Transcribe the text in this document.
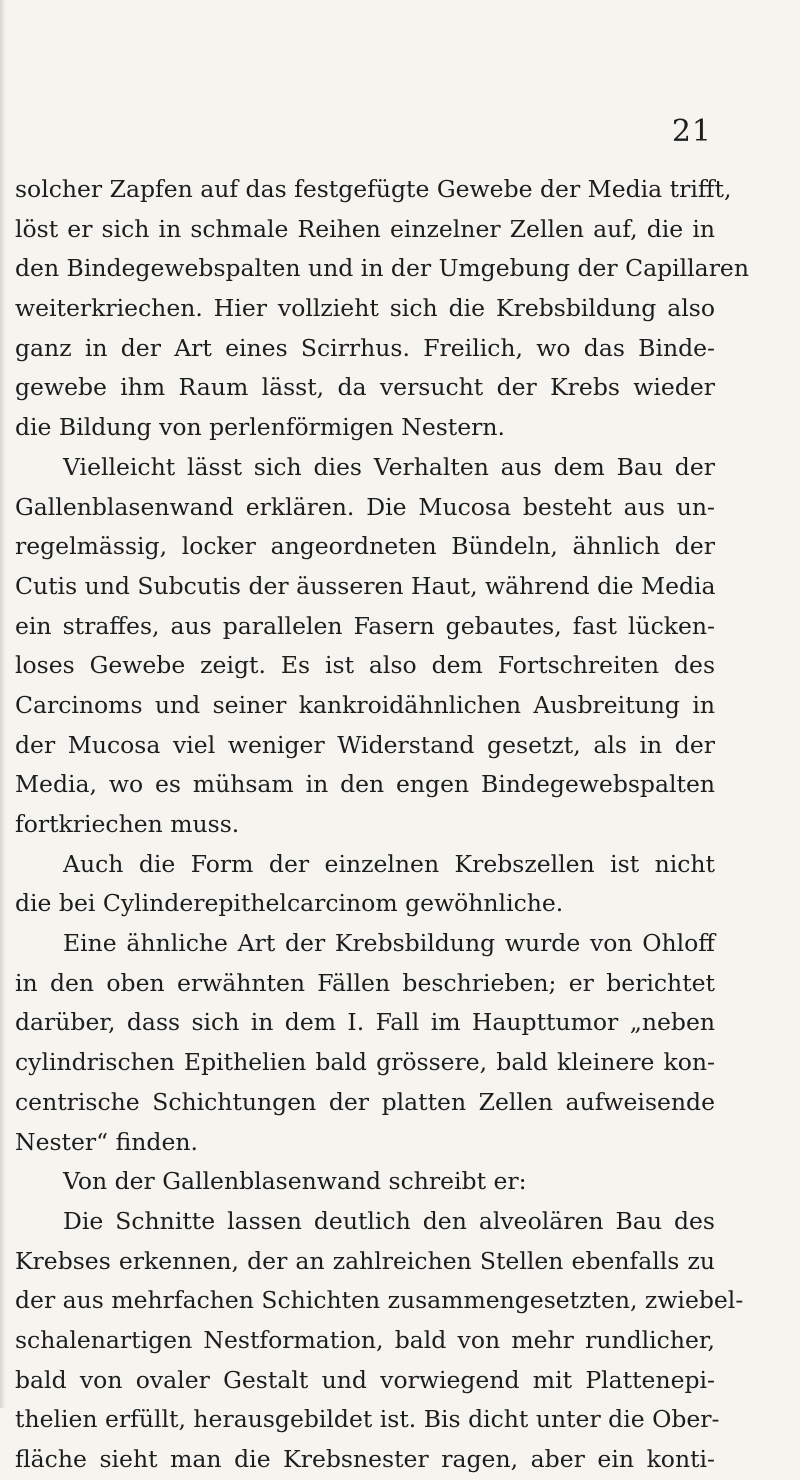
21
solcher Zapfen auf das festgefügte Gewebe der Media trifft,
löst er sich in schmale Reihen einzelner Zellen auf, die in
den Bindegewebspalten und in der Umgebung der Capillaren
weiterkriechen. Hier vollzieht sich die Krebsbildung also
ganz in der Art eines Scirrhus. Freilich, wo das Binde-
gewebe ihm Raum lässt, da versucht der Krebs wieder
die Bildung von perlenförmigen Nestern.
Vielleicht lässt sich dies Verhalten aus dem Bau der
Gallenblasenwand erklären. Die Mucosa besteht aus un-
regelmässig, locker angeordneten Bündeln, ähnlich der
Cutis und Subcutis der äusseren Haut, während die Media
ein straffes, aus parallelen Fasern gebautes, fast lücken-
loses Gewebe zeigt. Es ist also dem Fortschreiten des
Carcinoms und seiner kankroidähnlichen Ausbreitung in
der Mucosa viel weniger Widerstand gesetzt, als in der
Media, wo es mühsam in den engen Bindegewebspalten
fortkriechen muss.
Auch die Form der einzelnen Krebszellen ist nicht
die bei Cylinderepithelcarcinom gewöhnliche.
Eine ähnliche Art der Krebsbildung wurde von Ohloff
in den oben erwähnten Fällen beschrieben; er berichtet
darüber, dass sich in dem I. Fall im Haupttumor „neben
cylindrischen Epithelien bald grössere, bald kleinere kon-
centrische Schichtungen der platten Zellen aufweisende
Nester“ finden.
Von der Gallenblasenwand schreibt er:
Die Schnitte lassen deutlich den alveolären Bau des
Krebses erkennen, der an zahlreichen Stellen ebenfalls zu
der aus mehrfachen Schichten zusammengesetzten, zwiebel-
schalenartigen Nestformation, bald von mehr rundlicher,
bald von ovaler Gestalt und vorwiegend mit Plattenepi-
thelien erfüllt, herausgebildet ist. Bis dicht unter die Ober-
fläche sieht man die Krebsnester ragen, aber ein konti-
